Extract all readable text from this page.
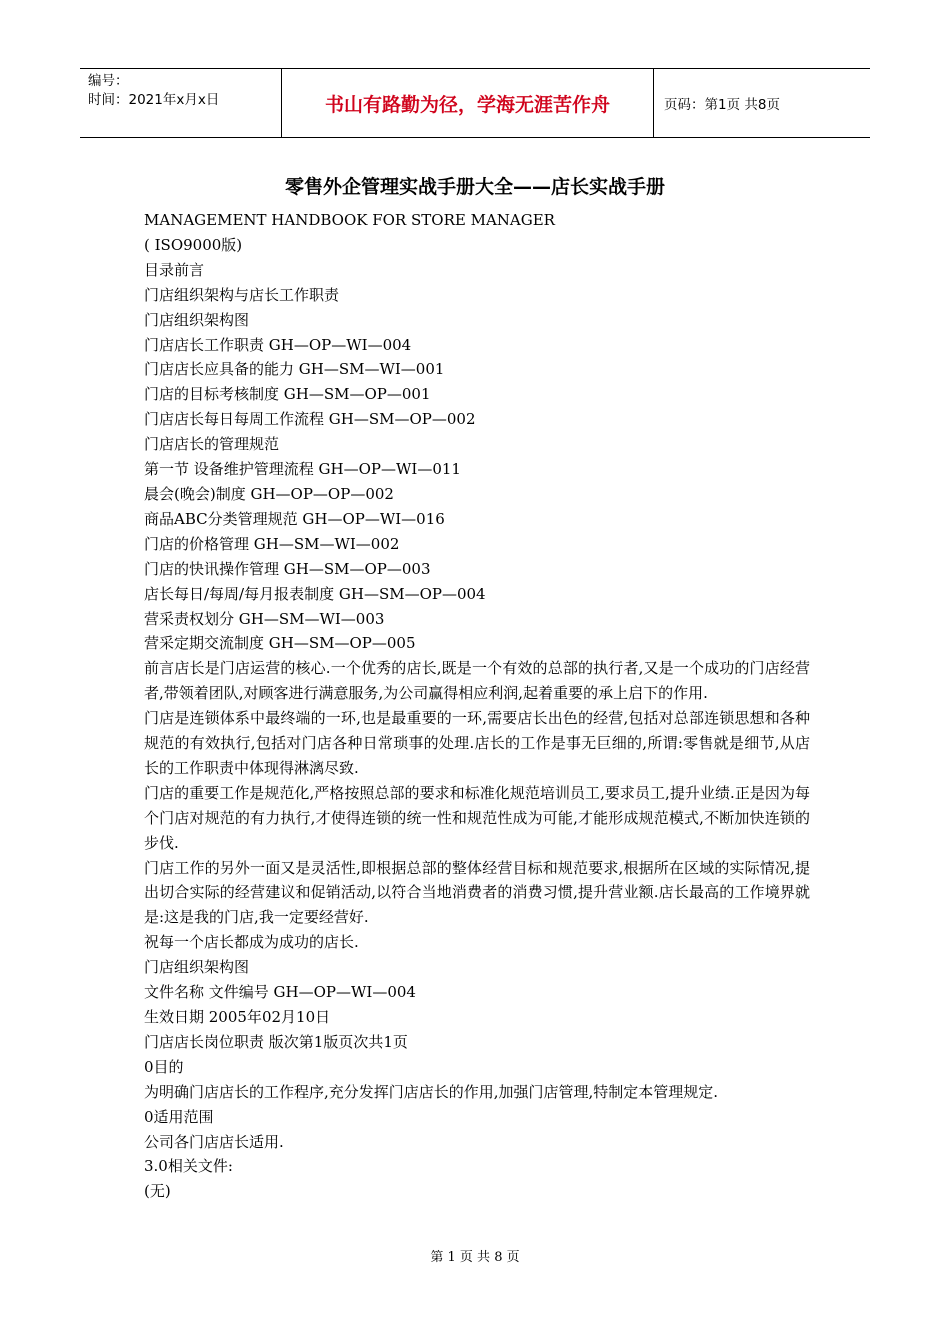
编号：
时间：2021年x月x日	书山有路勤为径，学海无涯苦作舟	页码：第1页 共8页
零售外企管理实战手册大全——店长实战手册
MANAGEMENT HANDBOOK FOR STORE MANAGER
( ISO9000版)
目录前言
门店组织架构与店长工作职责
门店组织架构图
门店店长工作职责 GH—OP—WI—004
门店店长应具备的能力 GH—SM—WI—001
门店的目标考核制度 GH—SM—OP—001
门店店长每日每周工作流程 GH—SM—OP—002
门店店长的管理规范
第一节 设备维护管理流程 GH—OP—WI—011
晨会(晚会)制度 GH—OP—OP—002
商品ABC分类管理规范 GH—OP—WI—016
门店的价格管理 GH—SM—WI—002
门店的快讯操作管理 GH—SM—OP—003
店长每日/每周/每月报表制度 GH—SM—OP—004
营采责权划分 GH—SM—WI—003
营采定期交流制度 GH—SM—OP—005
前言店长是门店运营的核心.一个优秀的店长,既是一个有效的总部的执行者,又是一个成功的门店经营者,带领着团队,对顾客进行满意服务,为公司赢得相应利润,起着重要的承上启下的作用.
门店是连锁体系中最终端的一环,也是最重要的一环,需要店长出色的经营,包括对总部连锁思想和各种规范的有效执行,包括对门店各种日常琐事的处理.店长的工作是事无巨细的,所谓:零售就是细节,从店长的工作职责中体现得淋漓尽致.
门店的重要工作是规范化,严格按照总部的要求和标准化规范培训员工,要求员工,提升业绩.正是因为每个门店对规范的有力执行,才使得连锁的统一性和规范性成为可能,才能形成规范模式,不断加快连锁的步伐.
门店工作的另外一面又是灵活性,即根据总部的整体经营目标和规范要求,根据所在区域的实际情况,提出切合实际的经营建议和促销活动,以符合当地消费者的消费习惯,提升营业额.店长最高的工作境界就是:这是我的门店,我一定要经营好.
祝每一个店长都成为成功的店长.
门店组织架构图
文件名称 文件编号 GH—OP—WI—004
生效日期 2005年02月10日
门店店长岗位职责 版次第1版页次共1页
0目的
为明确门店店长的工作程序,充分发挥门店店长的作用,加强门店管理,特制定本管理规定.
0适用范围
公司各门店店长适用.
3.0相关文件:
(无)
第 1 页 共 8 页
